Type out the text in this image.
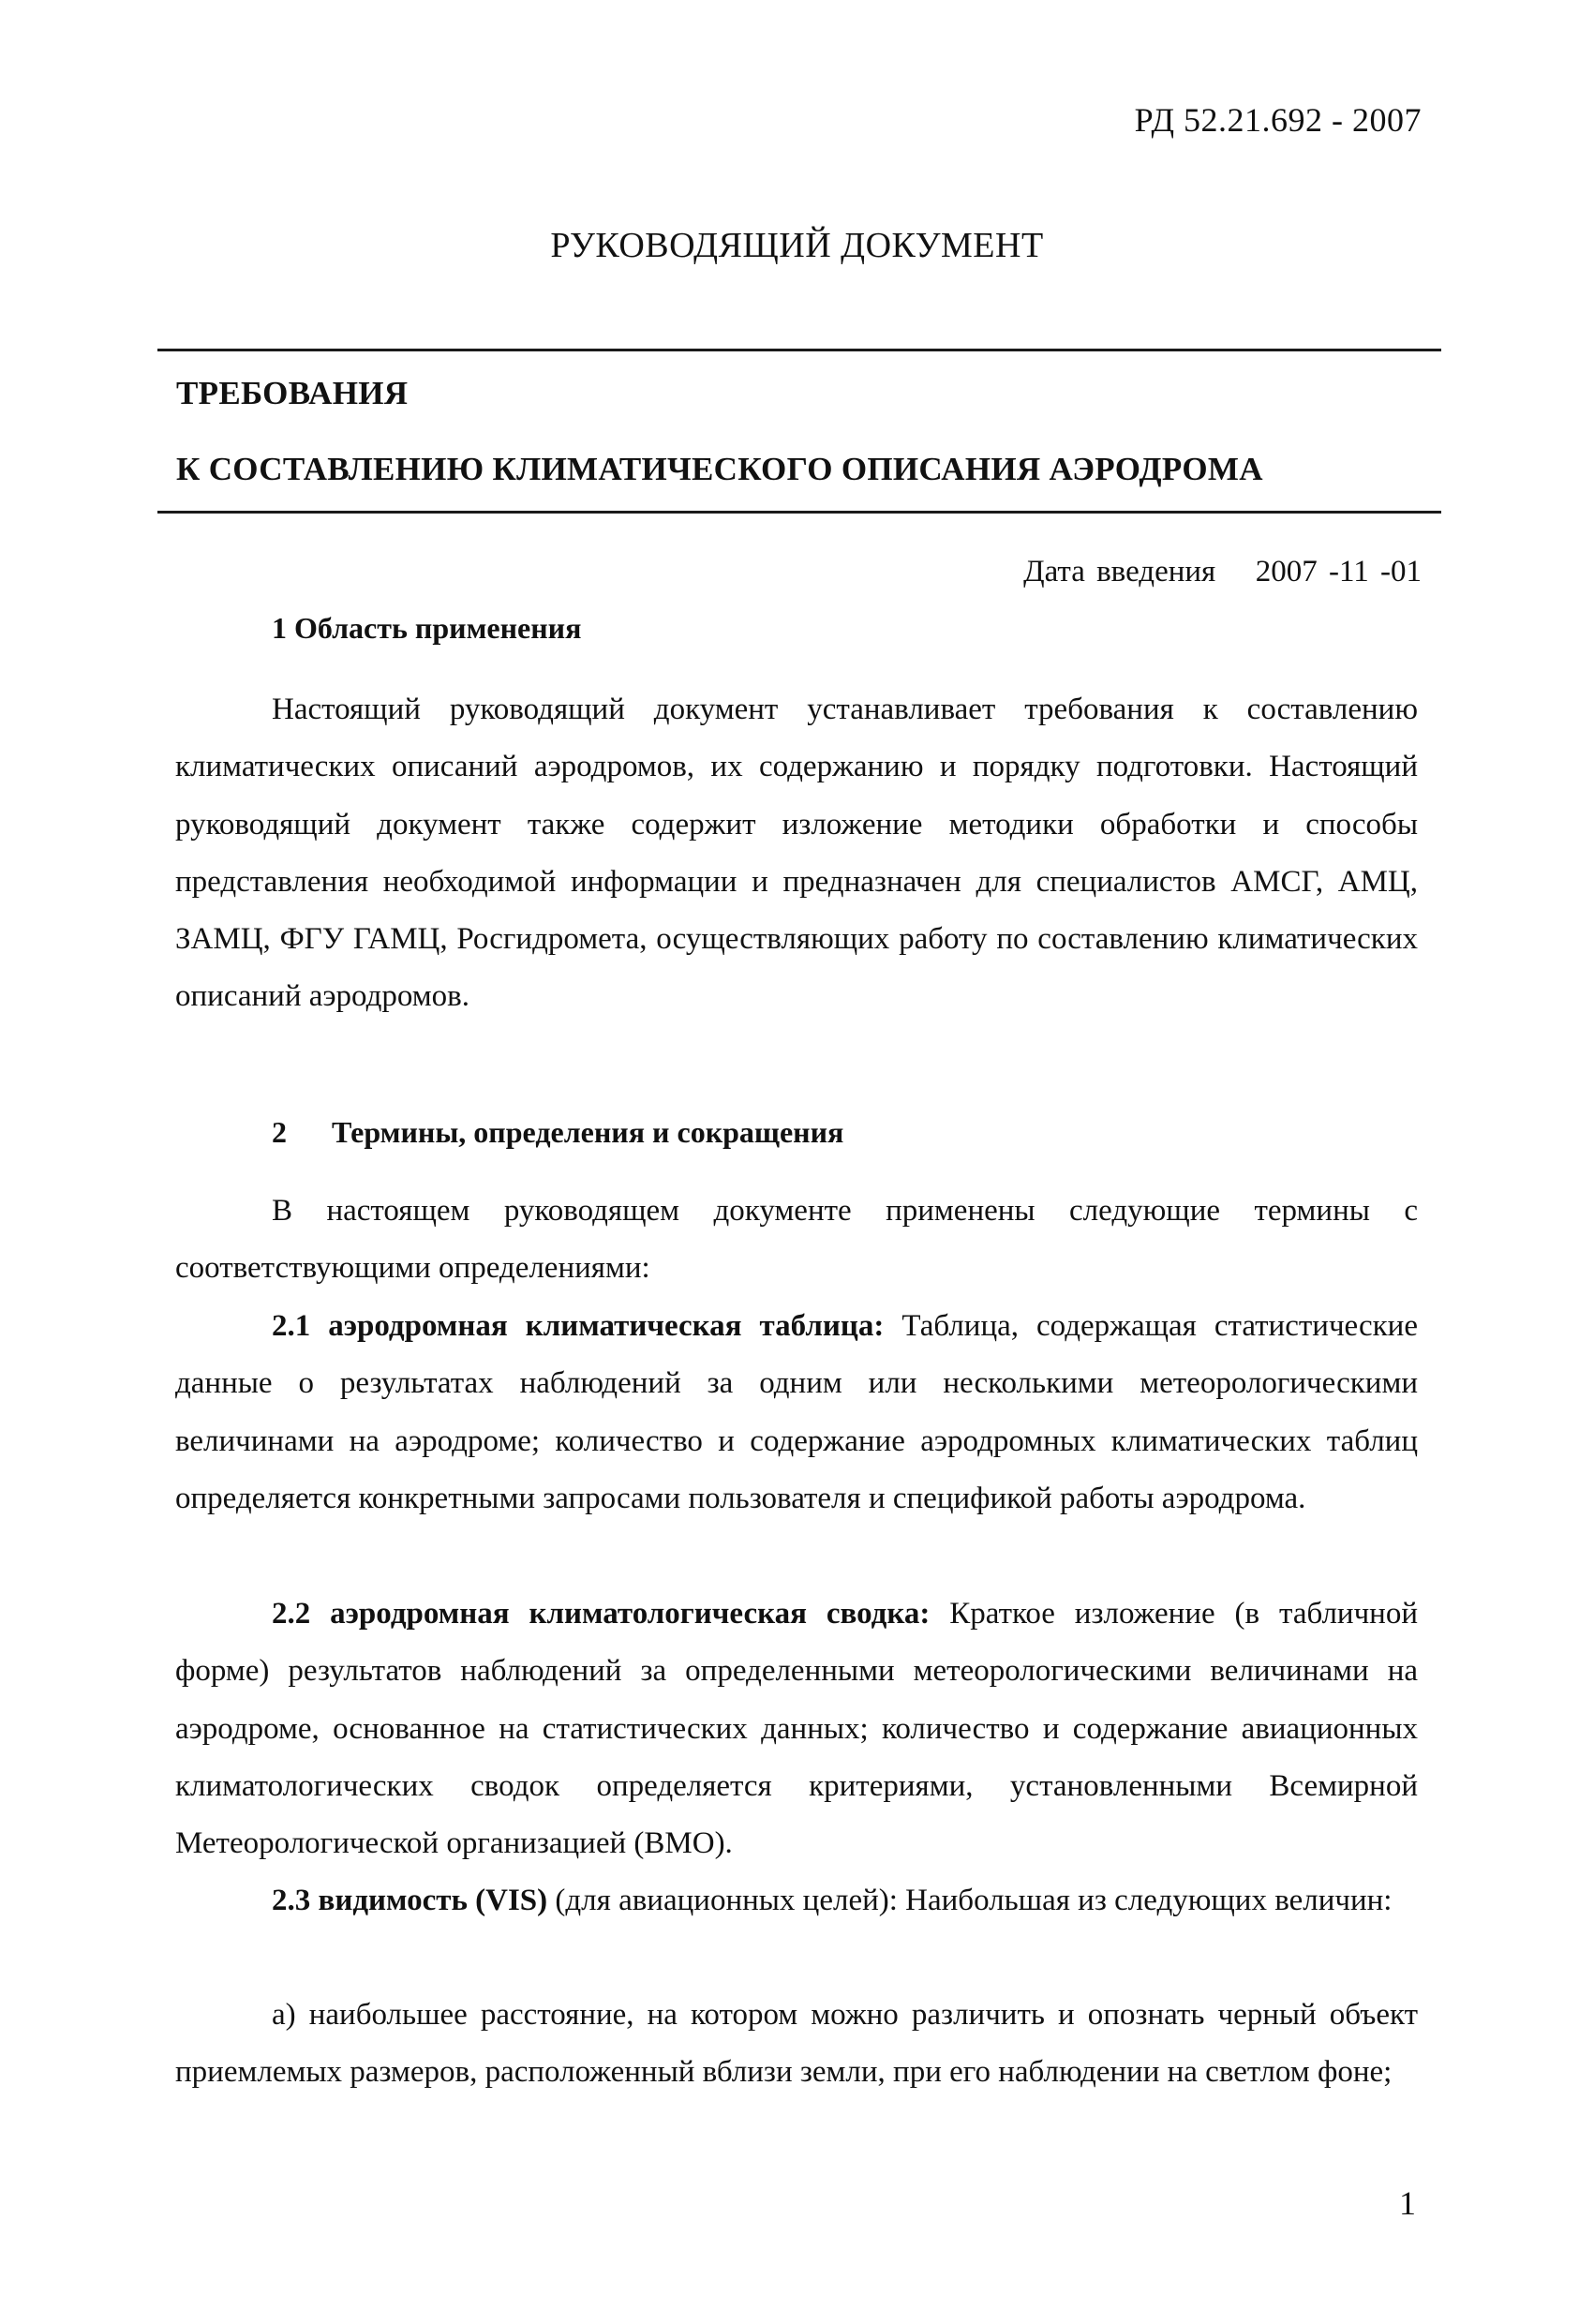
РД 52.21.692 - 2007
РУКОВОДЯЩИЙ ДОКУМЕНТ
ТРЕБОВАНИЯ
К СОСТАВЛЕНИЮ КЛИМАТИЧЕСКОГО ОПИСАНИЯ АЭРОДРОМА
Дата введения 2007 -11 -01
1 Область применения
Настоящий руководящий документ устанавливает требования к составлению климатических описаний аэродромов, их содержанию и порядку подготовки. Настоящий руководящий документ также содержит изложение методики обработки и способы представления необходимой информации и предназначен для специалистов АМСГ, АМЦ, ЗАМЦ, ФГУ ГАМЦ, Росгидромета, осуществляющих работу по составлению климатических описаний аэродромов.
2 Термины, определения и сокращения
В настоящем руководящем документе применены следующие термины с соответствующими определениями:
2.1 аэродромная климатическая таблица: Таблица, содержащая статистические данные о результатах наблюдений за одним или несколькими метеорологическими величинами на аэродроме; количество и содержание аэродромных климатических таблиц определяется конкретными запросами пользователя и спецификой работы аэродрома.
2.2 аэродромная климатологическая сводка: Краткое изложение (в табличной форме) результатов наблюдений за определенными метеорологическими величинами на аэродроме, основанное на статистических данных; количество и содержание авиационных климатологических сводок определяется критериями, установленными Всемирной Метеорологической организацией (ВМО).
2.3 видимость (VIS) (для авиационных целей): Наибольшая из следующих величин:
а) наибольшее расстояние, на котором можно различить и опознать черный объект приемлемых размеров, расположенный вблизи земли, при его наблюдении на светлом фоне;
1
